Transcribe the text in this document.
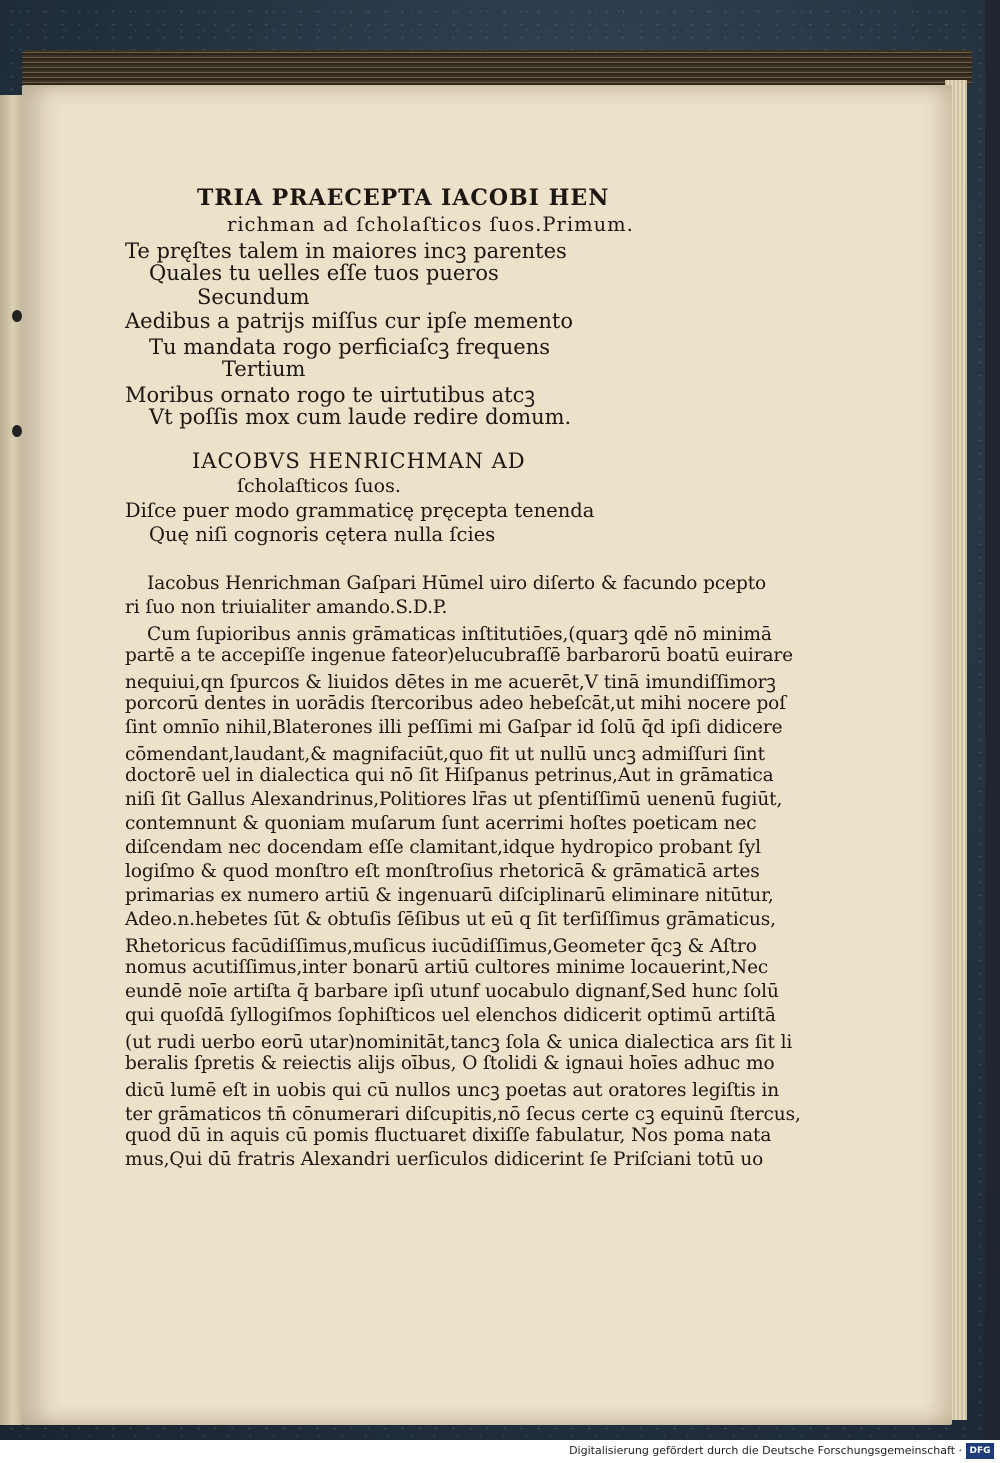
TRIA PRAECEPTA IACOBI HEN
richman ad ſcholaſticos ſuos.Primum.
Te pręſtes talem in maiores incꝫ parentes
Quales tu uelles eſſe tuos pueros
Secundum
Aedibus a patrijs miſſus cur ipſe memento
Tu mandata rogo perficiaſcꝫ frequens
Tertium
Moribus ornato rogo te uirtutibus atcꝫ
Vt poſſis mox cum laude redire domum.
IACOBVS HENRICHMAN AD
ſcholaſticos ſuos.
Diſce puer modo grammaticę pręcepta tenenda
Quę niſi cognoris cętera nulla ſcies
Iacobus Henrichman Gaſpari Hūmel uiro diſerto & facundo pcepto
ri ſuo non triuialiter amando.S.D.P.
Cum ſupioribus annis grāmaticas inſtitutiōes,(quarꝫ qdē nō minimā
partē a te accepiſſe ingenue fateor)elucubraſſē barbarorū boatū euirare
nequiui,qn ſpurcos & liuidos dētes in me acuerēt,V tinā imundiſſimorꝫ
porcorū dentes in uorādis ſtercoribus adeo hebeſcāt,ut mihi nocere poſ
ſint omnīo nihil,Blaterones illi peſſimi mi Gaſpar id ſolū q̄d ipſi didicere
cōmendant,laudant,& magnifaciūt,quo fit ut nullū uncꝫ admiſſuri ſint
doctorē uel in dialectica qui nō ſit Hiſpanus petrinus,Aut in grāmatica
niſi ſit Gallus Alexandrinus,Politiores lr̄as ut pſentiſſimū uenenū fugiūt,
contemnunt & quoniam muſarum ſunt acerrimi hoſtes poeticam nec
diſcendam nec docendam eſſe clamitant,idque hydropico probant ſyl
logiſmo & quod monſtro eſt monſtroſius rhetoricā & grāmaticā artes
primarias ex numero artiū & ingenuarū diſciplinarū eliminare nitūtur,
Adeo.n.hebetes ſūt & obtuſis ſēſibus ut eū q ſit terſiſſimus grāmaticus,
Rhetoricus facūdiſſimus,muſicus iucūdiſſimus,Geometer q̄cꝫ & Aſtro
nomus acutiſſimus,inter bonarū artiū cultores minime locauerint,Nec
eundē noīe artiſta q̄ barbare ipſi utunf uocabulo dignanf,Sed hunc ſolū
qui quoſdā ſyllogiſmos ſophiſticos uel elenchos didicerit optimū artiſtā
(ut rudi uerbo eorū utar)nominitāt,tancꝫ ſola & unica dialectica ars ſit li
beralis ſpretis & reiectis alijs oībus, O ſtolidi & ignaui hoīes adhuc mo
dicū lumē eſt in uobis qui cū nullos uncꝫ poetas aut oratores legiſtis in
ter grāmaticos tn̄ cōnumerari diſcupitis,nō ſecus certe cꝫ equinū ſtercus,
quod dū in aquis cū pomis fluctuaret dixiſſe fabulatur, Nos poma nata
mus,Qui dū fratris Alexandri uerſiculos didicerint ſe Priſciani totū uo
Digitalisierung gefördert durch die Deutsche Forschungsgemeinschaft · DFG
